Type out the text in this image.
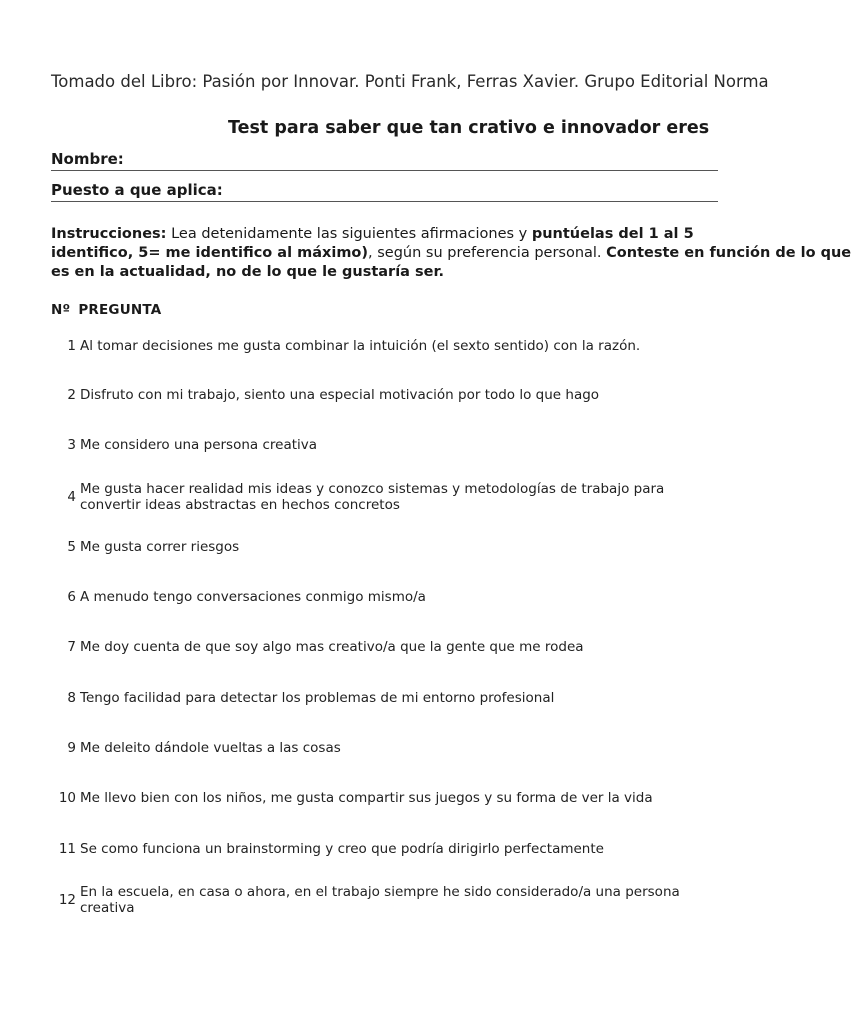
Tomado del Libro: Pasión por Innovar. Ponti Frank, Ferras Xavier. Grupo Editorial Norma
Test para saber que tan crativo e innovador eres
Nombre:
Puesto a que aplica:
Instrucciones: Lea detenidamente las siguientes afirmaciones y puntúelas del 1 al 5
identifico, 5= me identifico al máximo), según su preferencia personal. Conteste en función de lo que
es en la actualidad, no de lo que le gustaría ser.
Nº PREGUNTA
1 Al tomar decisiones me gusta combinar la intuición (el sexto sentido) con la razón.
2 Disfruto con mi trabajo, siento una especial motivación por todo lo que hago
3 Me considero una persona creativa
4 Me gusta hacer realidad mis ideas y conozco sistemas y metodologías de trabajo para convertir ideas abstractas en hechos concretos
5 Me gusta correr riesgos
6 A menudo tengo conversaciones conmigo mismo/a
7 Me doy cuenta de que soy algo mas creativo/a que la gente que me rodea
8 Tengo facilidad para detectar los problemas de mi entorno profesional
9 Me deleito dándole vueltas a las cosas
10 Me llevo bien con los niños, me gusta compartir sus juegos y su forma de ver la vida
11 Se como funciona un brainstorming y creo que podría dirigirlo perfectamente
12 En la escuela, en casa o ahora, en el trabajo siempre he sido considerado/a una persona creativa
